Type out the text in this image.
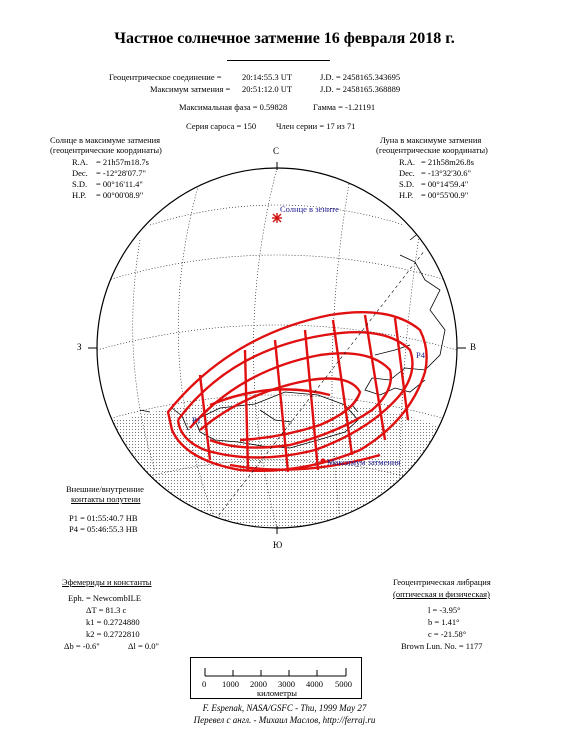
Частное солнечное затмение 16 февраля 2018 г.
Геоцентрическое соединение = 20:14:55.3 UT	J.D. = 2458165.343695
Максимум затмения = 20:51:12.0 UT	J.D. = 2458165.368889
Максимальная фаза = 0.59828	Гамма = -1.21191
Серия сароса = 150 Член серии = 17 из 71
Солнце в максимуме затмения
(геоцентрические координаты)
R.A. = 21h57m18.7s
Dec. = -12°28'07.7"
S.D. = 00°16'11.4"
H.P. = 00°00'08.9"
Луна в максимуме затмения
(геоцентрические координаты)
R.A. = 21h58m26.8s
Dec. = -13°32'30.6"
S.D. = 00°14'59.4"
H.P. = 00°55'00.9"
С
Ю
З	В
Солнце в зените
Максимум затмения
P1
P4
Внешние/внутренние
контакты полутени
P1 = 01:55:40.7 НВ
P4 = 05:46:55.3 НВ
Эфемериды и константы
Eph. = NewcombILE
ΔT = 81.3 с
k1 = 0.2724880
k2 = 0.2722810
Δb = -0.6"	Δl = 0.0"
Геоцентрическая либрация
(оптическая и физическая)
l = -3.95°
b = 1.41°
c = -21.58°
Brown Lun. No. = 1177
0 1000 2000 3000 4000 5000
километры
F. Espenak, NASA/GSFC - Thu, 1999 May 27
Перевел с англ. - Михаил Маслов, http://ferraj.ru
